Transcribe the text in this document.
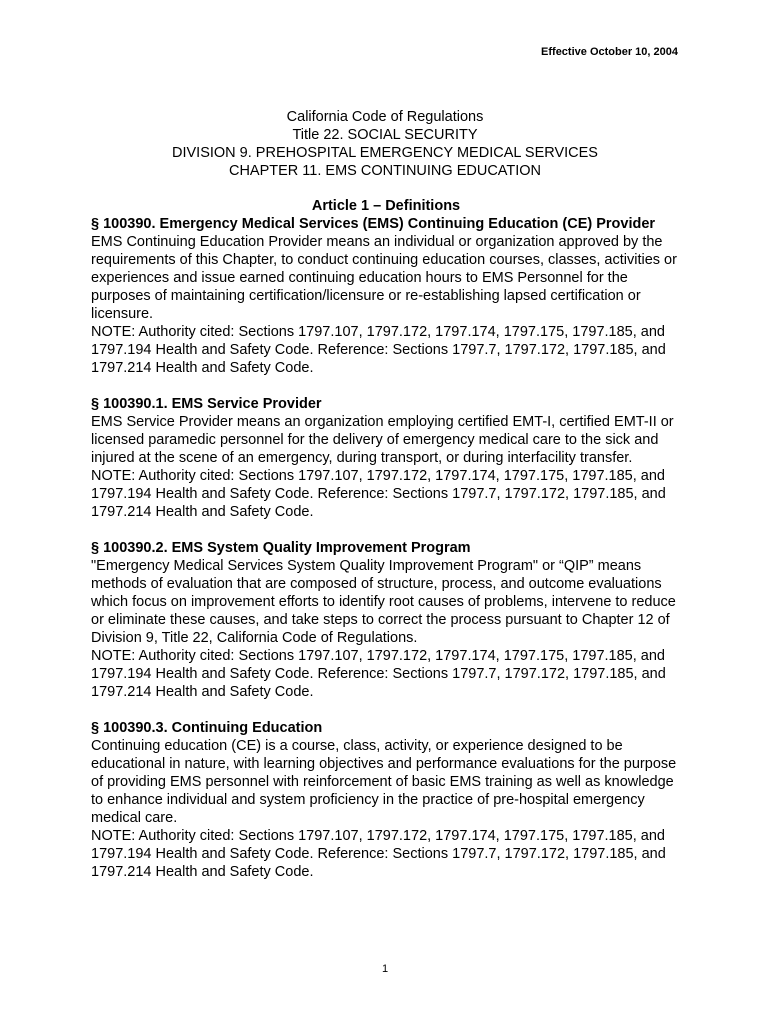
Effective October 10, 2004
California Code of Regulations
Title 22. SOCIAL SECURITY
DIVISION 9. PREHOSPITAL EMERGENCY MEDICAL SERVICES
CHAPTER 11. EMS CONTINUING EDUCATION
Article 1 – Definitions

§ 100390. Emergency Medical Services (EMS) Continuing Education (CE) Provider

EMS Continuing Education Provider means an individual or organization approved by the requirements of this Chapter, to conduct continuing education courses, classes, activities or experiences and issue earned continuing education hours to EMS Personnel for the purposes of maintaining certification/licensure or re-establishing lapsed certification or licensure.

NOTE: Authority cited: Sections 1797.107, 1797.172, 1797.174, 1797.175, 1797.185, and 1797.194 Health and Safety Code. Reference: Sections 1797.7, 1797.172, 1797.185, and 1797.214 Health and Safety Code.

§ 100390.1. EMS Service Provider

EMS Service Provider means an organization employing certified EMT-I, certified EMT-II or licensed paramedic personnel for the delivery of emergency medical care to the sick and injured at the scene of an emergency, during transport, or during interfacility transfer.

NOTE: Authority cited: Sections 1797.107, 1797.172, 1797.174, 1797.175, 1797.185, and 1797.194 Health and Safety Code. Reference: Sections 1797.7, 1797.172, 1797.185, and 1797.214 Health and Safety Code.

§ 100390.2. EMS System Quality Improvement Program

"Emergency Medical Services System Quality Improvement Program" or “QIP” means methods of evaluation that are composed of structure, process, and outcome evaluations which focus on improvement efforts to identify root causes of problems, intervene to reduce or eliminate these causes, and take steps to correct the process pursuant to Chapter 12 of Division 9, Title 22, California Code of Regulations.

NOTE: Authority cited: Sections 1797.107, 1797.172, 1797.174, 1797.175, 1797.185, and 1797.194 Health and Safety Code. Reference: Sections 1797.7, 1797.172, 1797.185, and 1797.214 Health and Safety Code.

§ 100390.3. Continuing Education

Continuing education (CE) is a course, class, activity, or experience designed to be educational in nature, with learning objectives and performance evaluations for the purpose of providing EMS personnel with reinforcement of basic EMS training as well as knowledge to enhance individual and system proficiency in the practice of pre-hospital emergency medical care.

NOTE: Authority cited: Sections 1797.107, 1797.172, 1797.174, 1797.175, 1797.185, and 1797.194 Health and Safety Code. Reference: Sections 1797.7, 1797.172, 1797.185, and 1797.214 Health and Safety Code.

1
